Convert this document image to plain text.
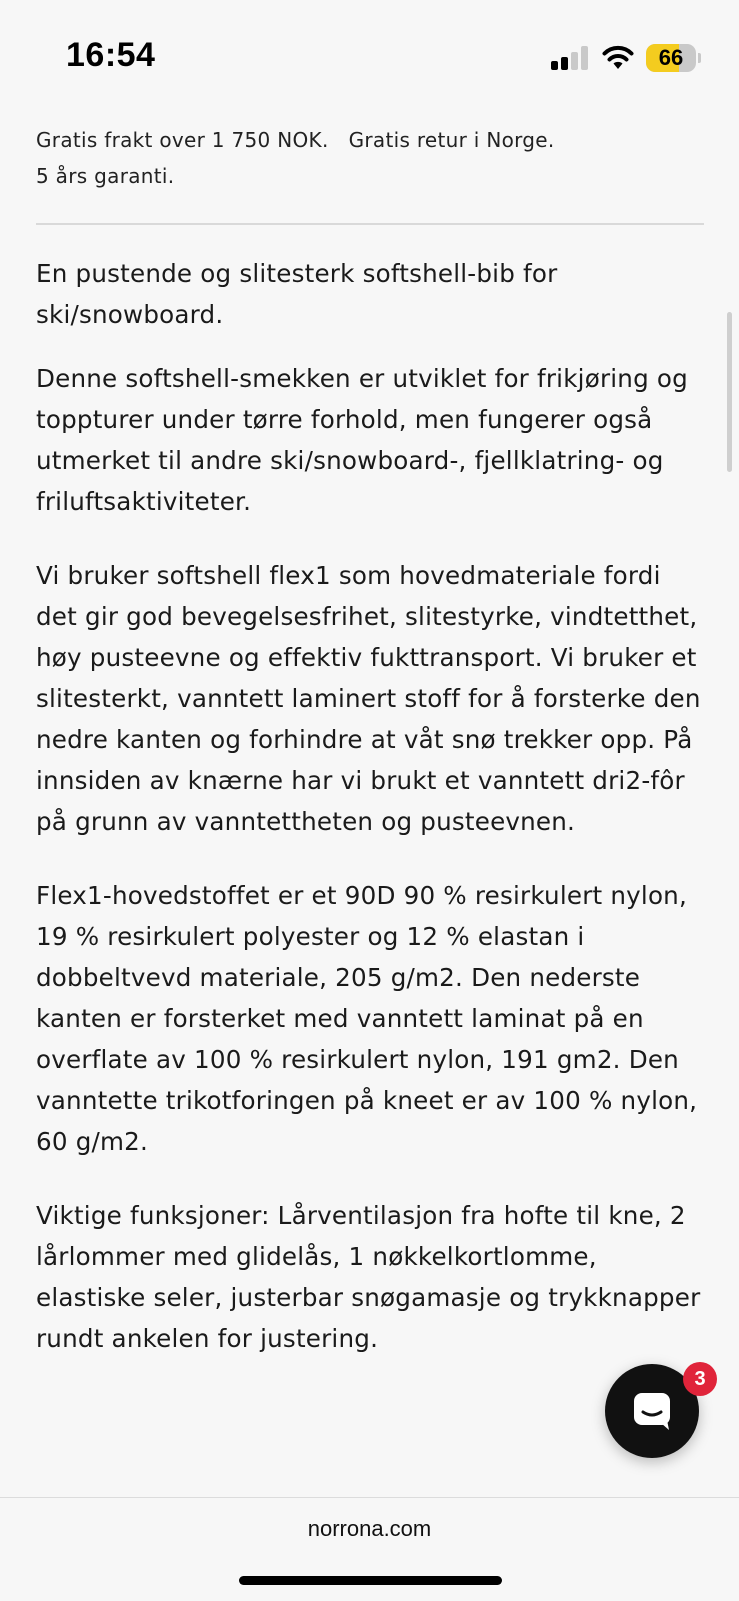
16:54	66

Gratis frakt over 1 750 NOK.   Gratis retur i Norge.
5 års garanti.

En pustende og slitesterk softshell-bib for ski/snowboard.

Denne softshell-smekken er utviklet for frikjøring og toppturer under tørre forhold, men fungerer også utmerket til andre ski/snowboard-, fjellklatring- og friluftsaktiviteter.

Vi bruker softshell flex1 som hovedmateriale fordi det gir god bevegelsesfrihet, slitestyrke, vindtetthet, høy pusteevne og effektiv fukttransport. Vi bruker et slitesterkt, vanntett laminert stoff for å forsterke den nedre kanten og forhindre at våt snø trekker opp. På innsiden av knærne har vi brukt et vanntett dri2-fôr på grunn av vanntettheten og pusteevnen.

Flex1-hovedstoffet er et 90D 90 % resirkulert nylon, 19 % resirkulert polyester og 12 % elastan i dobbeltvevd materiale, 205 g/m2. Den nederste kanten er forsterket med vanntett laminat på en overflate av 100 % resirkulert nylon, 191 gm2. Den vanntette trikotforingen på kneet er av 100 % nylon, 60 g/m2.

Viktige funksjoner: Lårventilasjon fra hofte til kne, 2 lårlommer med glidelås, 1 nøkkelkortlomme, elastiske seler, justerbar snøgamasje og trykknapper rundt ankelen for justering.

3
norrona.com
